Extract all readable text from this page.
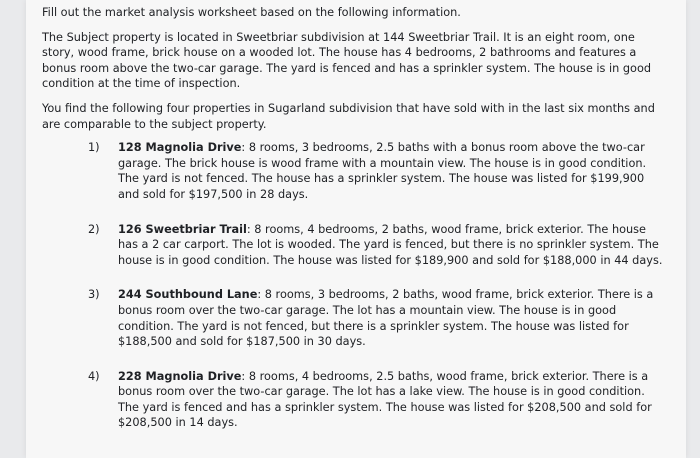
Fill out the market analysis worksheet based on the following information.

The Subject property is located in Sweetbriar subdivision at 144 Sweetbriar Trail. It is an eight room, one story, wood frame, brick house on a wooded lot. The house has 4 bedrooms, 2 bathrooms and features a bonus room above the two-car garage. The yard is fenced and has a sprinkler system. The house is in good condition at the time of inspection.

You find the following four properties in Sugarland subdivision that have sold with in the last six months and are comparable to the subject property.

1) 128 Magnolia Drive: 8 rooms, 3 bedrooms, 2.5 baths with a bonus room above the two-car garage. The brick house is wood frame with a mountain view. The house is in good condition. The yard is not fenced. The house has a sprinkler system. The house was listed for $199,900 and sold for $197,500 in 28 days.
2) 126 Sweetbriar Trail: 8 rooms, 4 bedrooms, 2 baths, wood frame, brick exterior. The house has a 2 car carport. The lot is wooded. The yard is fenced, but there is no sprinkler system. The house is in good condition. The house was listed for $189,900 and sold for $188,000 in 44 days.
3) 244 Southbound Lane: 8 rooms, 3 bedrooms, 2 baths, wood frame, brick exterior. There is a bonus room over the two-car garage. The lot has a mountain view. The house is in good condition. The yard is not fenced, but there is a sprinkler system. The house was listed for $188,500 and sold for $187,500 in 30 days.
4) 228 Magnolia Drive: 8 rooms, 4 bedrooms, 2.5 baths, wood frame, brick exterior. There is a bonus room over the two-car garage. The lot has a lake view. The house is in good condition. The yard is fenced and has a sprinkler system. The house was listed for $208,500 and sold for $208,500 in 14 days.
